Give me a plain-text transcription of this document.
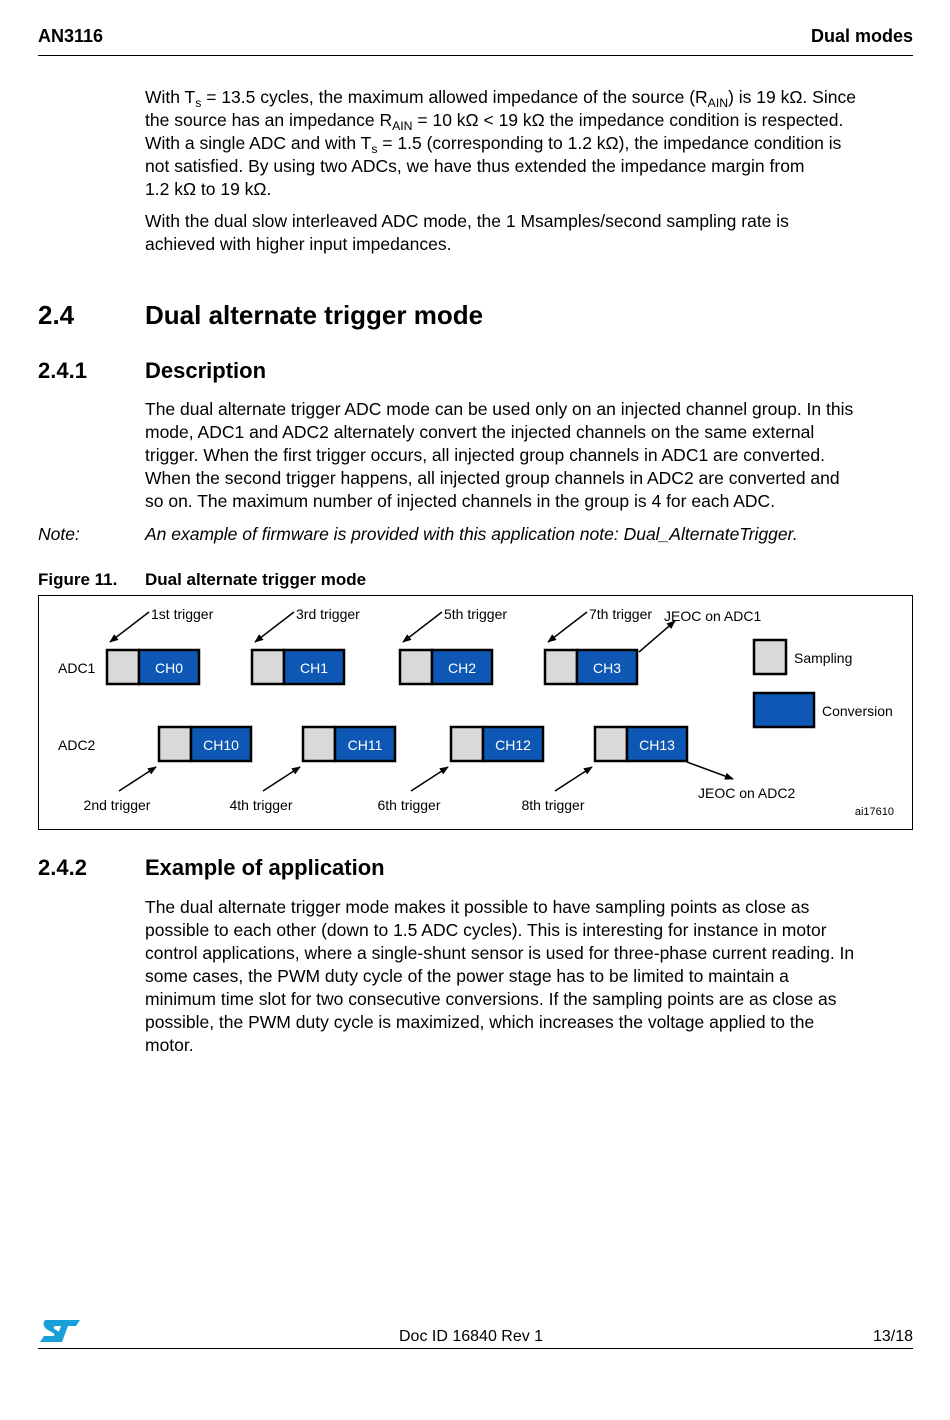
AN3116	Dual modes
With $T_s = 13.5$ cycles, the maximum allowed impedance of the source $(R_{AIN})$ is 19 kΩ. Since
the source has an impedance $R_{AIN} = 10$ kΩ < 19 kΩ the impedance condition is respected.
With a single ADC and with $T_s = 1.5$ (corresponding to 1.2 kΩ), the impedance condition is
not satisfied. By using two ADCs, we have thus extended the impedance margin from
1.2 kΩ to 19 kΩ.
With the dual slow interleaved ADC mode, the 1 Msamples/second sampling rate is
achieved with higher input impedances.
2.4	Dual alternate trigger mode
2.4.1	Description
The dual alternate trigger ADC mode can be used only on an injected channel group. In this
mode, ADC1 and ADC2 alternately convert the injected channels on the same external
trigger. When the first trigger occurs, all injected group channels in ADC1 are converted.
When the second trigger happens, all injected group channels in ADC2 are converted and
so on. The maximum number of injected channels in the group is 4 for each ADC.
Note:	An example of firmware is provided with this application note: Dual_AlternateTrigger.
Figure 11. Dual alternate trigger mode
ADC1
ADC2
CH0
1st trigger
CH1
3rd trigger
CH2
5th trigger
CH3
7th trigger
CH10
2nd trigger
CH11
4th trigger
CH12
6th trigger
CH13
8th trigger
JEOC on ADC1
JEOC on ADC2
Sampling
Conversion
ai17610
2.4.2	Example of application
The dual alternate trigger mode makes it possible to have sampling points as close as
possible to each other (down to 1.5 ADC cycles). This is interesting for instance in motor
control applications, where a single-shunt sensor is used for three-phase current reading. In
some cases, the PWM duty cycle of the power stage has to be limited to maintain a
minimum time slot for two consecutive conversions. If the sampling points are as close as
possible, the PWM duty cycle is maximized, which increases the voltage applied to the
motor.
Doc ID 16840 Rev 1	13/18
